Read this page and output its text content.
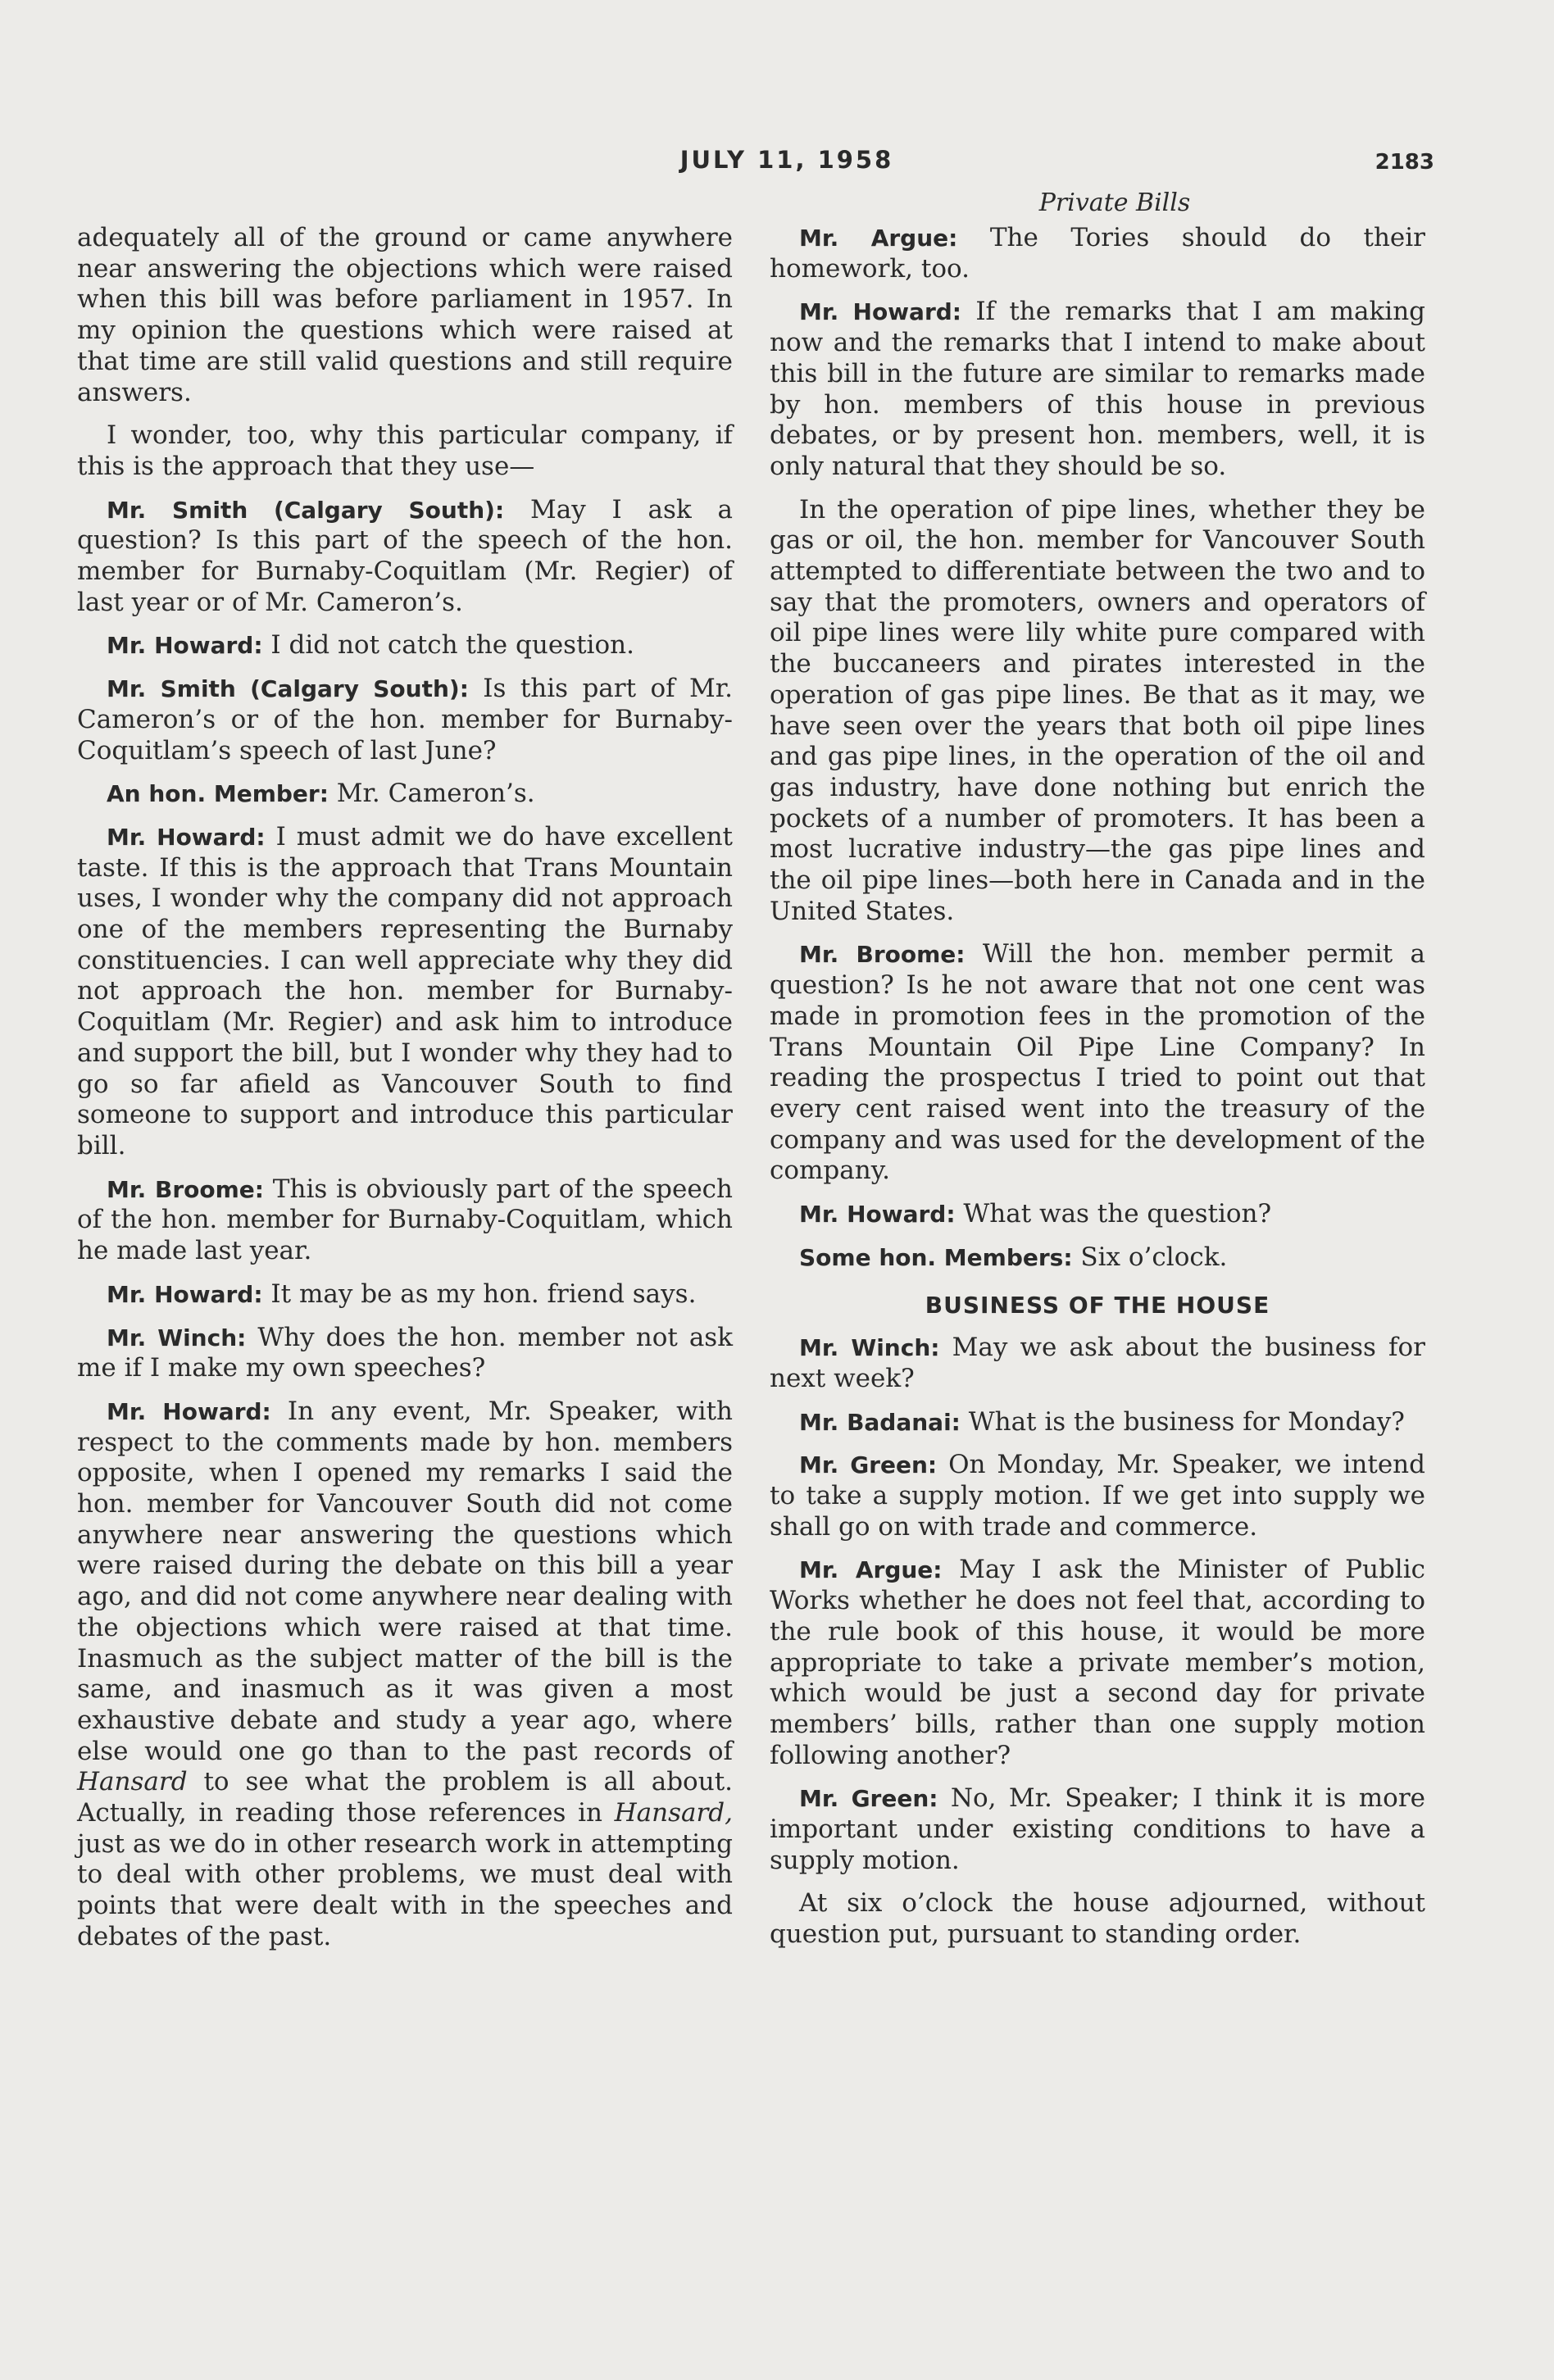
JULY 11, 1958	2183
Private Bills

adequately all of the ground or came anywhere near answering the objections which were raised when this bill was before parliament in 1957. In my opinion the questions which were raised at that time are still valid questions and still require answers.

I wonder, too, why this particular company, if this is the approach that they use—

Mr. Smith (Calgary South): May I ask a question? Is this part of the speech of the hon. member for Burnaby-Coquitlam (Mr. Regier) of last year or of Mr. Cameron’s.

Mr. Howard: I did not catch the question.

Mr. Smith (Calgary South): Is this part of Mr. Cameron’s or of the hon. member for Burnaby-Coquitlam’s speech of last June?

An hon. Member: Mr. Cameron’s.

Mr. Howard: I must admit we do have excellent taste. If this is the approach that Trans Mountain uses, I wonder why the company did not approach one of the members representing the Burnaby constituencies. I can well appreciate why they did not approach the hon. member for Burnaby-Coquitlam (Mr. Regier) and ask him to introduce and support the bill, but I wonder why they had to go so far afield as Vancouver South to find someone to support and introduce this particular bill.

Mr. Broome: This is obviously part of the speech of the hon. member for Burnaby-Coquitlam, which he made last year.

Mr. Howard: It may be as my hon. friend says.

Mr. Winch: Why does the hon. member not ask me if I make my own speeches?

Mr. Howard: In any event, Mr. Speaker, with respect to the comments made by hon. members opposite, when I opened my remarks I said the hon. member for Vancouver South did not come anywhere near answering the questions which were raised during the debate on this bill a year ago, and did not come anywhere near dealing with the objections which were raised at that time. Inasmuch as the subject matter of the bill is the same, and inasmuch as it was given a most exhaustive debate and study a year ago, where else would one go than to the past records of Hansard to see what the problem is all about. Actually, in reading those references in Hansard, just as we do in other research work in attempting to deal with other problems, we must deal with points that were dealt with in the speeches and debates of the past.

Mr. Argue: The Tories should do their homework, too.

Mr. Howard: If the remarks that I am making now and the remarks that I intend to make about this bill in the future are similar to remarks made by hon. members of this house in previous debates, or by present hon. members, well, it is only natural that they should be so.

In the operation of pipe lines, whether they be gas or oil, the hon. member for Vancouver South attempted to differentiate between the two and to say that the promoters, owners and operators of oil pipe lines were lily white pure compared with the buccaneers and pirates interested in the operation of gas pipe lines. Be that as it may, we have seen over the years that both oil pipe lines and gas pipe lines, in the operation of the oil and gas industry, have done nothing but enrich the pockets of a number of promoters. It has been a most lucrative industry—the gas pipe lines and the oil pipe lines—both here in Canada and in the United States.

Mr. Broome: Will the hon. member permit a question? Is he not aware that not one cent was made in promotion fees in the promotion of the Trans Mountain Oil Pipe Line Company? In reading the prospectus I tried to point out that every cent raised went into the treasury of the company and was used for the development of the company.

Mr. Howard: What was the question?

Some hon. Members: Six o’clock.

BUSINESS OF THE HOUSE

Mr. Winch: May we ask about the business for next week?

Mr. Badanai: What is the business for Monday?

Mr. Green: On Monday, Mr. Speaker, we intend to take a supply motion. If we get into supply we shall go on with trade and commerce.

Mr. Argue: May I ask the Minister of Public Works whether he does not feel that, according to the rule book of this house, it would be more appropriate to take a private member’s motion, which would be just a second day for private members’ bills, rather than one supply motion following another?

Mr. Green: No, Mr. Speaker; I think it is more important under existing conditions to have a supply motion.

At six o’clock the house adjourned, without question put, pursuant to standing order.
